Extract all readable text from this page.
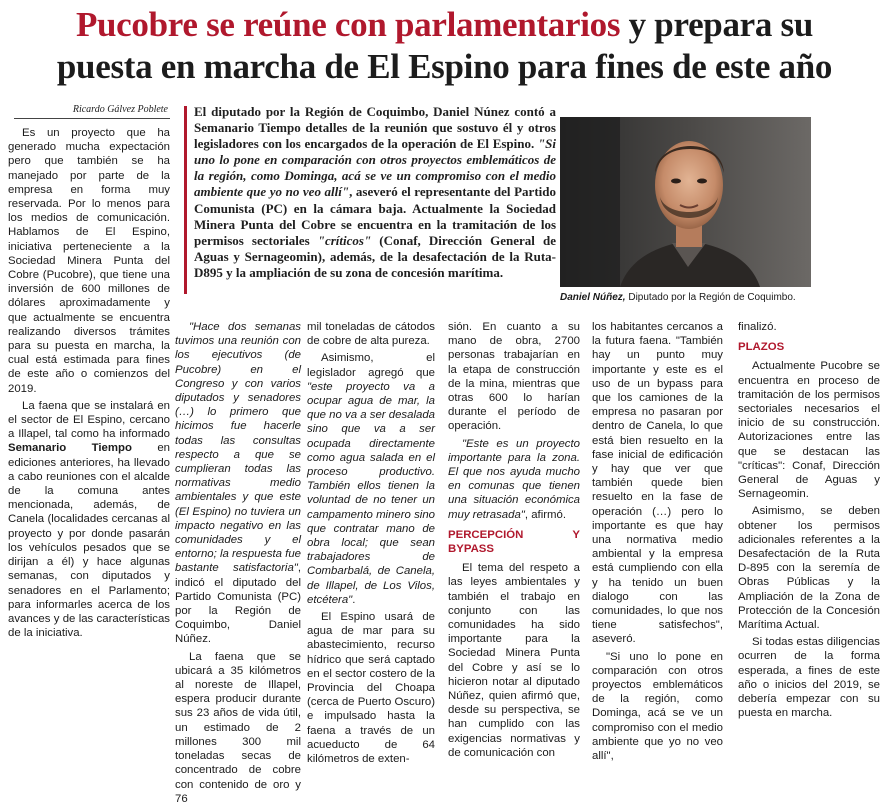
Pucobre se reúne con parlamentarios y prepara su
puesta en marcha de El Espino para fines de este año
Ricardo Gálvez Poblete El diputado por la Región de Coquimbo, Daniel Núnez contó a Semanario Tiempo detalles de la reunión que sostuvo él y otros legisladores con los encargados de la operación de El Espino. "Si uno lo pone en comparación con otros proyectos emblemáticos de la región, como Dominga, acá se ve un compromiso con el medio ambiente que yo no veo allí", aseveró el representante del Partido Comunista (PC) en la cámara baja. Actualmente la Sociedad Minera Punta del Cobre se encuentra en la tramitación de los permisos sectoriales "críticos" (Conaf, Dirección General de Aguas y Sernageomin), además, de la desafectación de la Ruta-D895 y la ampliación de su zona de concesión marítima.

Daniel Núñez, Diputado por la Región de Coquimbo.

Es un proyecto que ha generado mucha expectación pero que también se ha manejado por parte de la empresa en forma muy reservada. Por lo menos para los medios de comunicación. Hablamos de El Espino, iniciativa perteneciente a la Sociedad Minera Punta del Cobre (Pucobre), que tiene una inversión de 600 millones de dólares aproximadamente y que actualmente se encuentra realizando diversos trámites para su puesta en marcha, la cual está estimada para fines de este año o comienzos del 2019.

La faena que se instalará en el sector de El Espino, cercano a Illapel, tal como ha informado Semanario Tiempo en ediciones anteriores, ha llevado a cabo reuniones con el alcalde de la comuna antes mencionada, además, de Canela (localidades cercanas al proyecto y por donde pasarán los vehículos pesados que se dirijan a él) y hace algunas semanas, con diputados y senadores en el Parlamento; para informarles acerca de los avances y de las características de la iniciativa.

"Hace dos semanas tuvimos una reunión con los ejecutivos (de Pucobre) en el Congreso y con varios diputados y senadores (…) lo primero que hicimos fue hacerle todas las consultas respecto a que se cumplieran todas las normativas medio ambientales y que este (El Espino) no tuviera un impacto negativo en las comunidades y el entorno; la respuesta fue bastante satisfactoria", indicó el diputado del Partido Comunista (PC) por la Región de Coquimbo, Daniel Núñez.

La faena que se ubicará a 35 kilómetros al noreste de Illapel, espera producir durante sus 23 años de vida útil, un estimado de 2 millones 300 mil toneladas secas de concentrado de cobre con contenido de oro y 76

mil toneladas de cátodos de cobre de alta pureza.

Asimismo, el legislador agregó que "este proyecto va a ocupar agua de mar, la que no va a ser desalada sino que va a ser ocupada directamente como agua salada en el proceso productivo. También ellos tienen la voluntad de no tener un campamento minero sino que contratar mano de obra local; que sean trabajadores de Combarbalá, de Canela, de Illapel, de Los Vilos, etcétera".

El Espino usará de agua de mar para su abastecimiento, recurso hídrico que será captado en el sector costero de la Provincia del Choapa (cerca de Puerto Oscuro) e impulsado hasta la faena a través de un acueducto de 64 kilómetros de exten-

sión. En cuanto a su mano de obra, 2700 personas trabajarían en la etapa de construcción de la mina, mientras que otras 600 lo harían durante el período de operación.

"Este es un proyecto importante para la zona. El que nos ayuda mucho en comunas que tienen una situación económica muy retrasada", afirmó.

PERCEPCIÓN Y BYPASS

El tema del respeto a las leyes ambientales y también el trabajo en conjunto con las comunidades ha sido importante para la Sociedad Minera Punta del Cobre y así se lo hicieron notar al diputado Núñez, quien afirmó que, desde su perspectiva, se han cumplido con las exigencias normativas y de comunicación con

los habitantes cercanos a la futura faena. "También hay un punto muy importante y este es el uso de un bypass para que los camiones de la empresa no pasaran por dentro de Canela, lo que está bien resuelto en la fase inicial de edificación y hay que ver que también quede bien resuelto en la fase de operación (…) pero lo importante es que hay una normativa medio ambiental y la empresa está cumpliendo con ella y ha tenido un buen dialogo con las comunidades, lo que nos tiene satisfechos", aseveró.

"Si uno lo pone en comparación con otros proyectos emblemáticos de la región, como Dominga, acá se ve un compromiso con el medio ambiente que yo no veo allí",

finalizó.

PLAZOS

Actualmente Pucobre se encuentra en proceso de tramitación de los permisos sectoriales necesarios el inicio de su construcción. Autorizaciones entre las que se destacan las "críticas": Conaf, Dirección General de Aguas y Sernageomin.

Asimismo, se deben obtener los permisos adicionales referentes a la Desafectación de la Ruta D-895 con la seremía de Obras Públicas y la Ampliación de la Zona de Protección de la Concesión Marítima Actual.

Si todas estas diligencias ocurren de la forma esperada, a fines de este año o inicios del 2019, se debería empezar con su puesta en marcha.
